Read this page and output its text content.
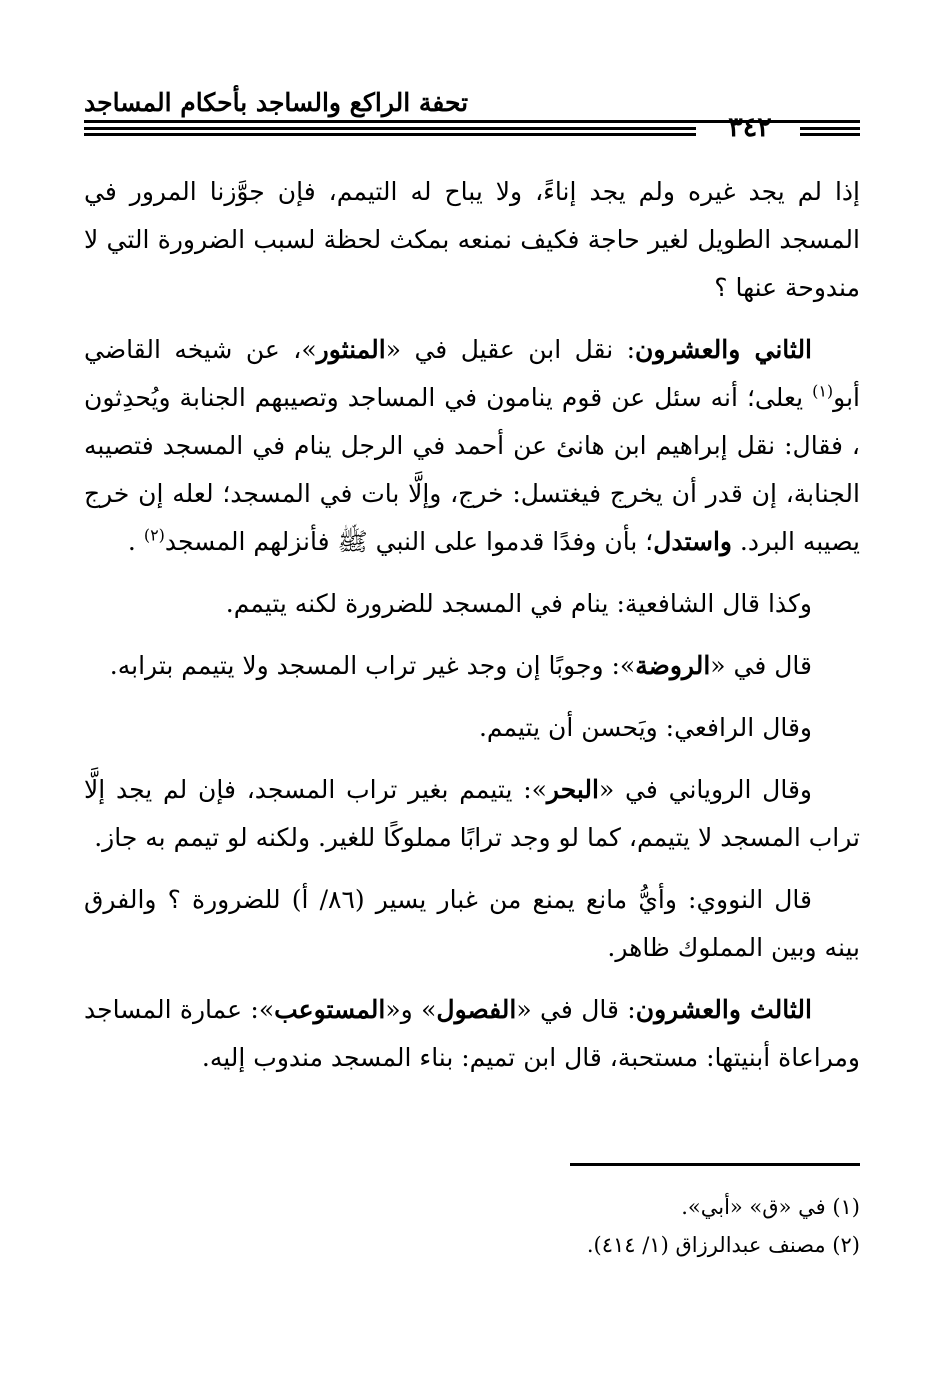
تحفة الراكع والساجد بأحكام المساجد
٣٤٢

إذا لم يجد غيره ولم يجد إناءً، ولا يباح له التيمم، فإن جوَّزنا المرور في المسجد الطويل لغير حاجة فكيف نمنعه بمكث لحظة لسبب الضرورة التي لا مندوحة عنها ؟

الثاني والعشرون: نقل ابن عقيل في «المنثور»، عن شيخه القاضي أبو$^{(١)}$ يعلى؛ أنه سئل عن قوم ينامون في المساجد وتصيبهم الجنابة ويُحدِثون ، فقال: نقل إبراهيم ابن هانئ عن أحمد في الرجل ينام في المسجد فتصيبه الجنابة، إن قدر أن يخرج فيغتسل: خرج، وإلَّا بات في المسجد؛ لعله إن خرج يصيبه البرد. واستدل؛ بأن وفدًا قدموا على النبي ﷺ فأنزلهم المسجد$^{(٢)}$ .

وكذا قال الشافعية: ينام في المسجد للضرورة لكنه يتيمم.

قال في «الروضة»: وجوبًا إن وجد غير تراب المسجد ولا يتيمم بترابه.

وقال الرافعي: ويَحسن أن يتيمم.

وقال الروياني في «البحر»: يتيمم بغير تراب المسجد، فإن لم يجد إلَّا تراب المسجد لا يتيمم، كما لو وجد ترابًا مملوكًا للغير. ولكنه لو تيمم به جاز.

قال النووي: وأيُّ مانع يمنع من غبار يسير (٨٦/ أ) للضرورة ؟ والفرق بينه وبين المملوك ظاهر.

الثالث والعشرون: قال في «الفصول» و«المستوعب»: عمارة المساجد ومراعاة أبنيتها: مستحبة، قال ابن تميم: بناء المسجد مندوب إليه.

(١) في «ق» «أبي».
(٢) مصنف عبدالرزاق (١/ ٤١٤).
